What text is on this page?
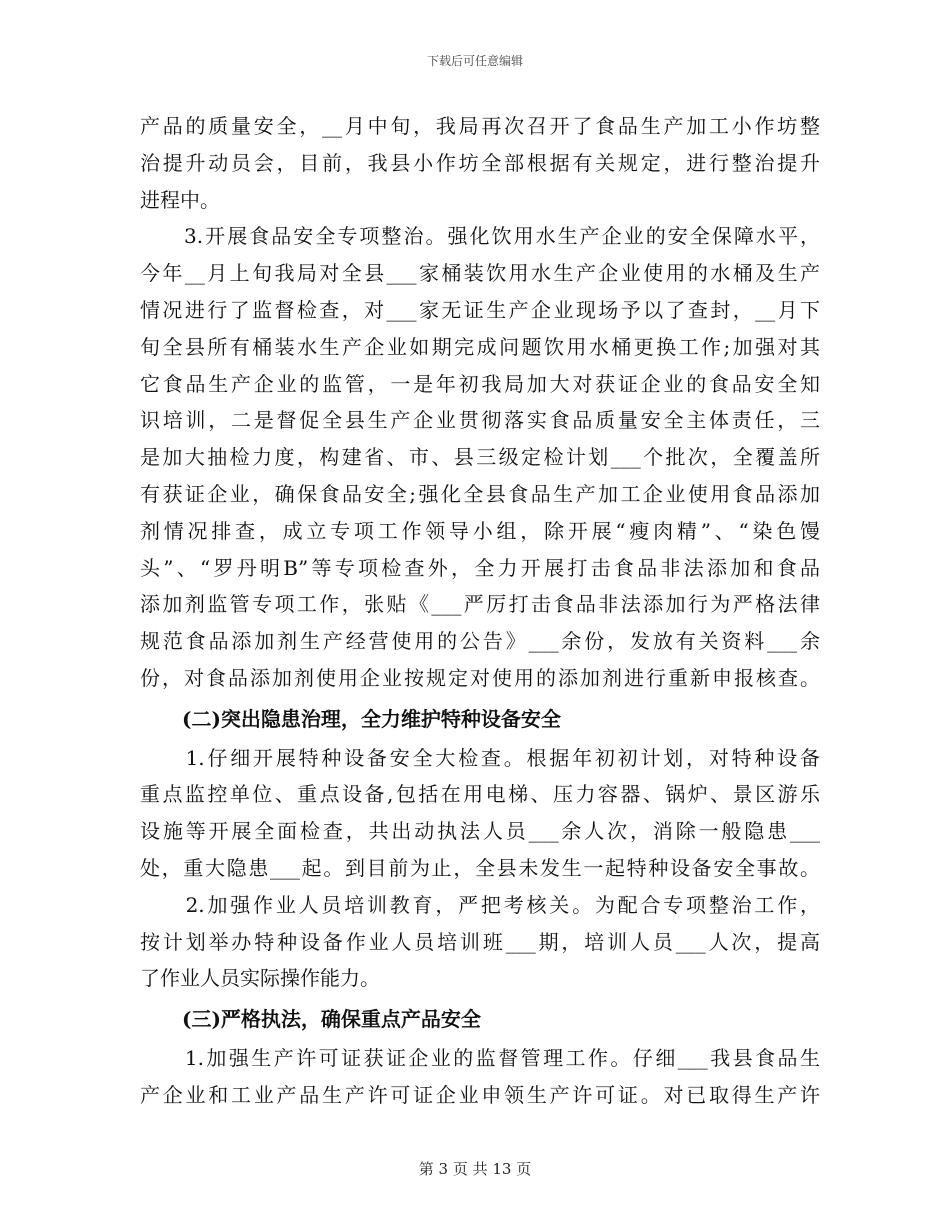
下载后可任意编辑
产品的质量安全，__月中旬，我局再次召开了食品生产加工小作坊整
治提升动员会，目前，我县小作坊全部根据有关规定，进行整治提升
进程中。
　　3.开展食品安全专项整治。强化饮用水生产企业的安全保障水平，
今年__月上旬我局对全县___家桶装饮用水生产企业使用的水桶及生产
情况进行了监督检查，对___家无证生产企业现场予以了查封，__月下
旬全县所有桶装水生产企业如期完成问题饮用水桶更换工作;加强对其
它食品生产企业的监管，一是年初我局加大对获证企业的食品安全知
识培训，二是督促全县生产企业贯彻落实食品质量安全主体责任，三
是加大抽检力度，构建省、市、县三级定检计划___个批次，全覆盖所
有获证企业，确保食品安全;强化全县食品生产加工企业使用食品添加
剂情况排查，成立专项工作领导小组，除开展“瘦肉精”、“染色馒
头”、“罗丹明B”等专项检查外，全力开展打击食品非法添加和食品
添加剂监管专项工作，张贴《___严厉打击食品非法添加行为严格法律
规范食品添加剂生产经营使用的公告》___余份，发放有关资料___余
份，对食品添加剂使用企业按规定对使用的添加剂进行重新申报核查。
(二)突出隐患治理，全力维护特种设备安全
　　1.仔细开展特种设备安全大检查。根据年初初计划，对特种设备
重点监控单位、重点设备,包括在用电梯、压力容器、锅炉、景区游乐
设施等开展全面检查，共出动执法人员___余人次，消除一般隐患___
处，重大隐患___起。到目前为止，全县未发生一起特种设备安全事故。
　　2.加强作业人员培训教育，严把考核关。为配合专项整治工作，
按计划举办特种设备作业人员培训班___期，培训人员___人次，提高
了作业人员实际操作能力。
(三)严格执法，确保重点产品安全
　　1.加强生产许可证获证企业的监督管理工作。仔细___我县食品生
产企业和工业产品生产许可证企业申领生产许可证。对已取得生产许
第 3 页 共 13 页
